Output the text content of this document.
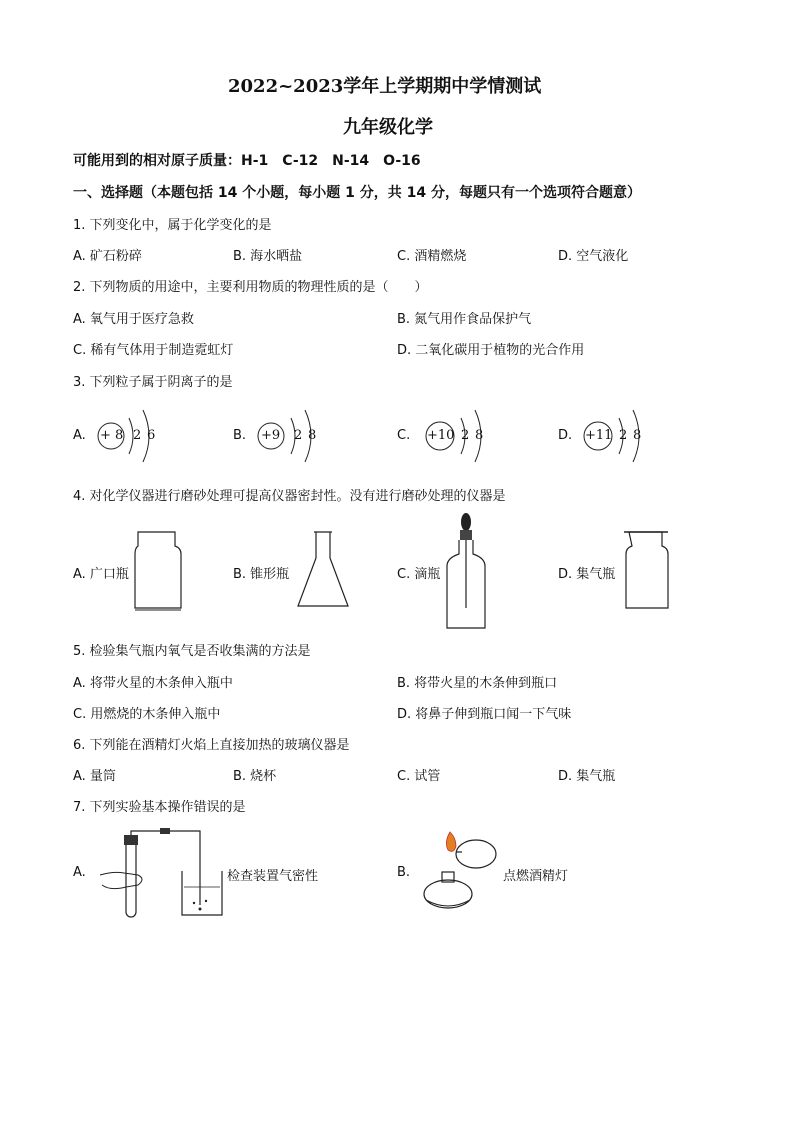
2022~2023学年上学期期中学情测试
九年级化学
可能用到的相对原子质量：H-1　C-12　N-14　O-16
一、选择题（本题包括 14 个小题，每小题 1 分，共 14 分，每题只有一个选项符合题意）
1. 下列变化中，属于化学变化的是
A. 矿石粉碎	B. 海水晒盐	C. 酒精燃烧	D. 空气液化
2. 下列物质的用途中，主要利用物质的物理性质的是（　　）
A. 氧气用于医疗急救	B. 氮气用作食品保护气
C. 稀有气体用于制造霓虹灯	D. 二氧化碳用于植物的光合作用
3. 下列粒子属于阴离子的是
A. + 8 2 6	B. +9 2 8	C. +10 2 8	D. +11 2 8
4. 对化学仪器进行磨砂处理可提高仪器密封性。没有进行磨砂处理的仪器是
A. 广口瓶	B. 锥形瓶	C. 滴瓶	D. 集气瓶
5. 检验集气瓶内氧气是否收集满的方法是
A. 将带火星的木条伸入瓶中	B. 将带火星的木条伸到瓶口
C. 用燃烧的木条伸入瓶中	D. 将鼻子伸到瓶口闻一下气味
6. 下列能在酒精灯火焰上直接加热的玻璃仪器是
A. 量筒	B. 烧杯	C. 试管	D. 集气瓶
7. 下列实验基本操作错误的是
A.	检查装置气密性	B.	点燃酒精灯
